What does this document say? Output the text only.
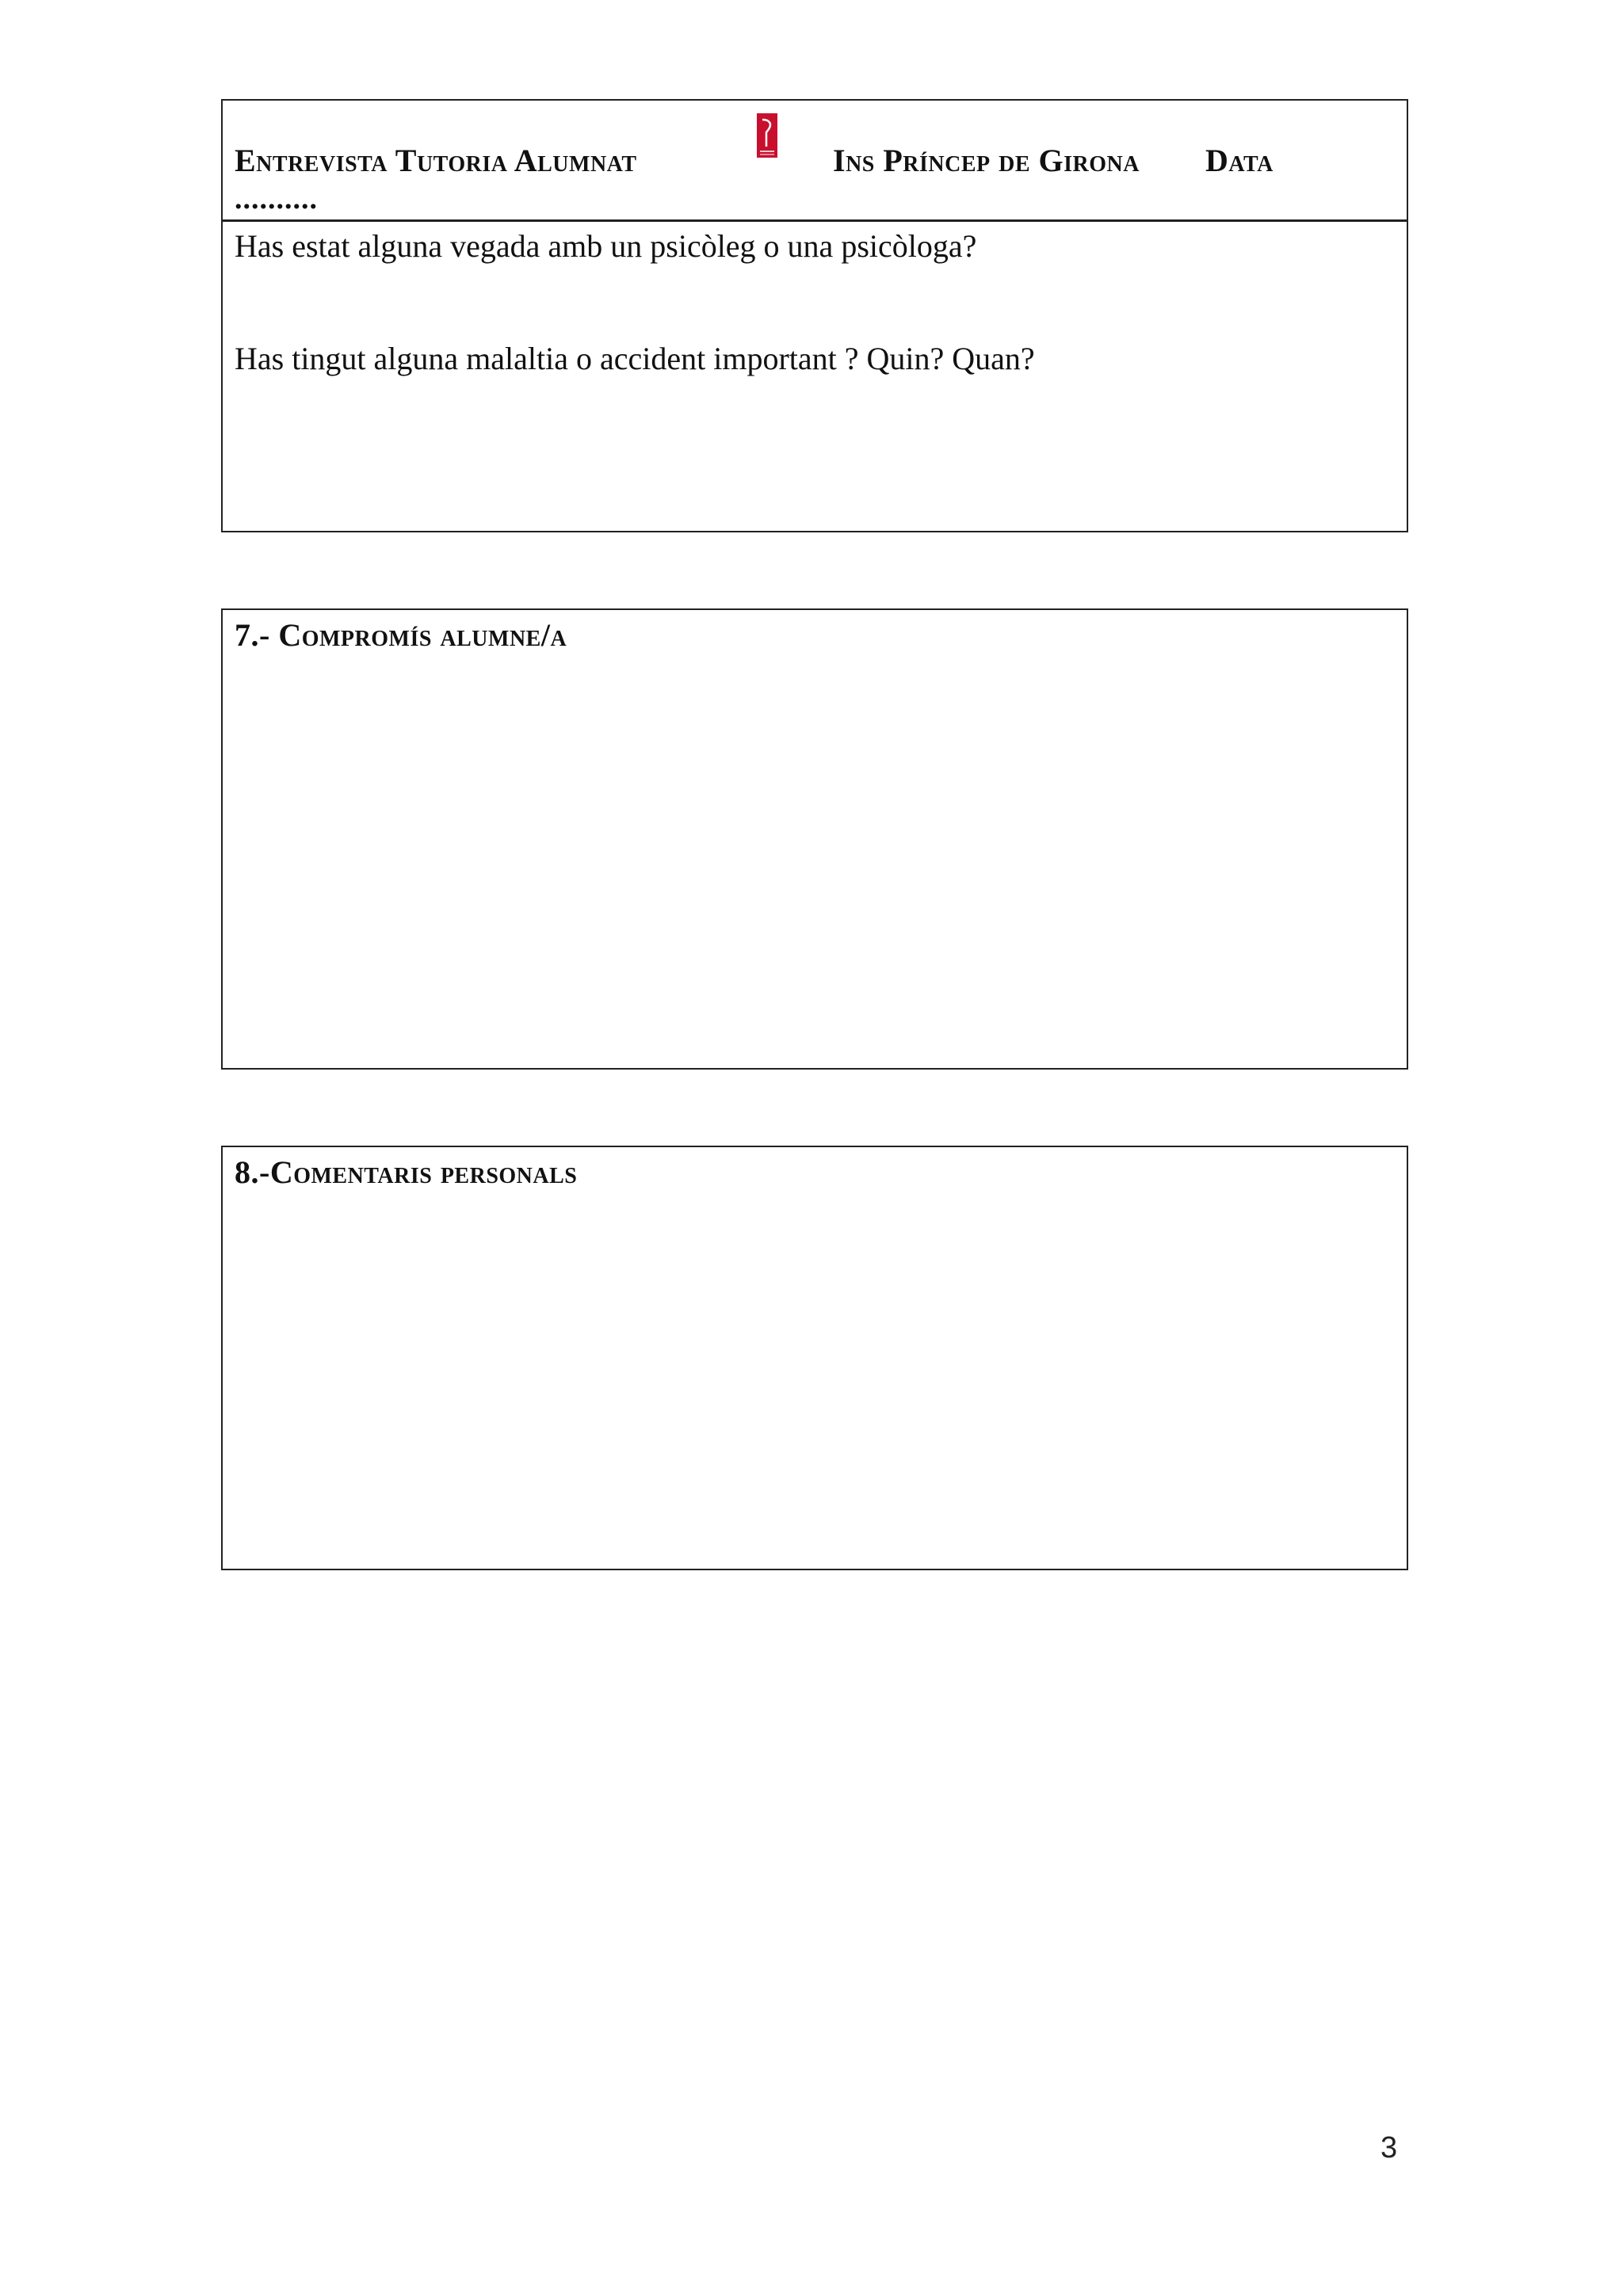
Entrevista Tutoria Alumnat	Ins Príncep de Girona Data
..........
Has estat alguna vegada amb un psicòleg o una psicòloga?
Has tingut alguna malaltia o accident important ? Quin? Quan?
7.- Compromís alumne/a
8.-Comentaris personals
3
